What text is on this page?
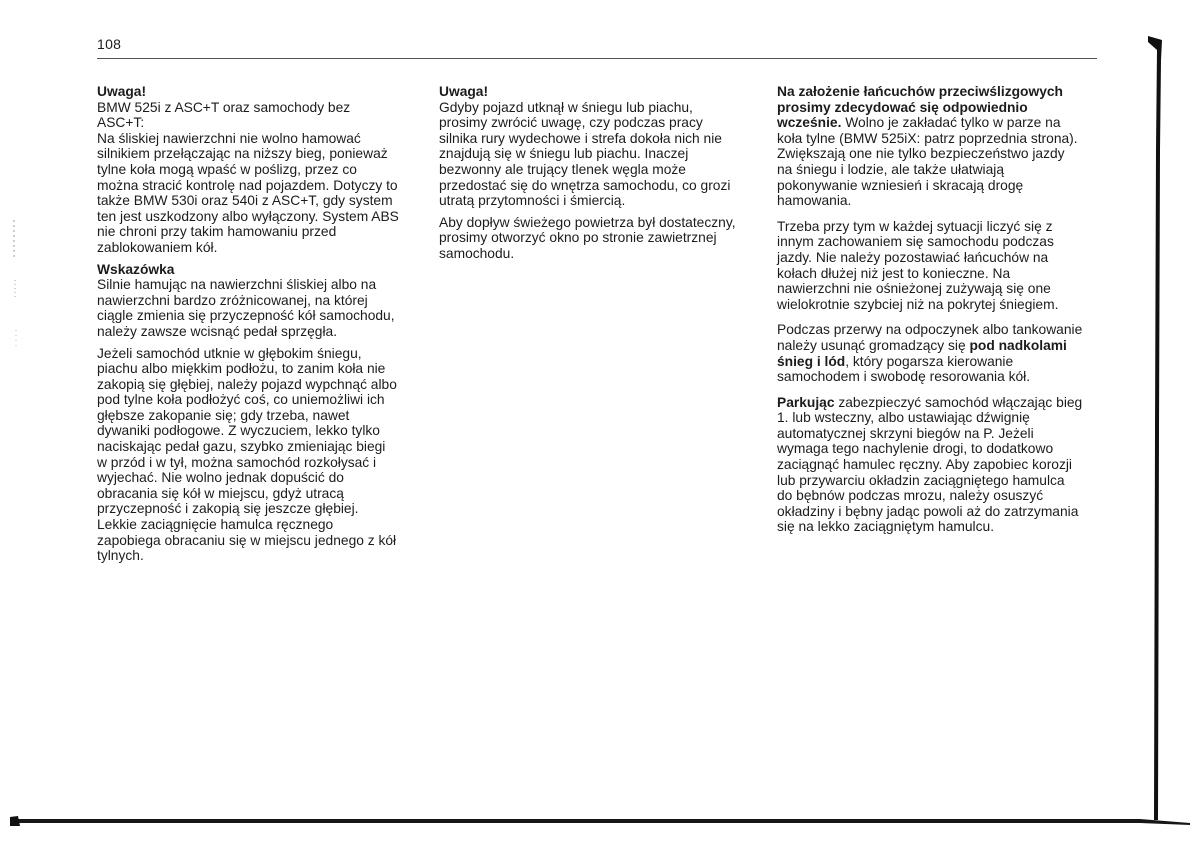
108
Uwaga!

BMW 525i z ASC+T oraz samochody bez ASC+T:

Na śliskiej nawierzchni nie wolno hamować silnikiem przełączając na niższy bieg, ponieważ tylne koła mogą wpaść w poślizg, przez co można stracić kontrolę nad pojazdem. Dotyczy to także BMW 530i oraz 540i z ASC+T, gdy system ten jest uszkodzony albo wyłączony. System ABS nie chroni przy takim hamowaniu przed zablokowaniem kół.

Wskazówka

Silnie hamując na nawierzchni śliskiej albo na nawierzchni bardzo zróżnicowanej, na której ciągle zmienia się przyczepność kół samochodu, należy zawsze wcisnąć pedał sprzęgła.

Jeżeli samochód utknie w głębokim śniegu, piachu albo miękkim podłożu, to zanim koła nie zakopią się głębiej, należy pojazd wypchnąć albo pod tylne koła podłożyć coś, co uniemożliwi ich głębsze zakopanie się; gdy trzeba, nawet dywaniki podłogowe. Z wyczuciem, lekko tylko naciskając pedał gazu, szybko zmieniając biegi w przód i w tył, można samochód rozkołysać i wyjechać. Nie wolno jednak dopuścić do obracania się kół w miejscu, gdyż utracą przyczepność i zakopią się jeszcze głębiej. Lekkie zaciągnięcie hamulca ręcznego zapobiega obracaniu się w miejscu jednego z kół tylnych.

Uwaga!

Gdyby pojazd utknął w śniegu lub piachu, prosimy zwrócić uwagę, czy podczas pracy silnika rury wydechowe i strefa dokoła nich nie znajdują się w śniegu lub piachu. Inaczej bezwonny ale trujący tlenek węgla może przedostać się do wnętrza samochodu, co grozi utratą przytomności i śmiercią.

Aby dopływ świeżego powietrza był dostateczny, prosimy otworzyć okno po stronie zawietrznej samochodu.

Na założenie łańcuchów przeciwślizgowych prosimy zdecydować się odpowiednio wcześnie. Wolno je zakładać tylko w parze na koła tylne (BMW 525iX: patrz poprzednia strona). Zwiększają one nie tylko bezpieczeństwo jazdy na śniegu i lodzie, ale także ułatwiają pokonywanie wzniesień i skracają drogę hamowania.

Trzeba przy tym w każdej sytuacji liczyć się z innym zachowaniem się samochodu podczas jazdy. Nie należy pozostawiać łańcuchów na kołach dłużej niż jest to konieczne. Na nawierzchni nie ośnieżonej zużywają się one wielokrotnie szybciej niż na pokrytej śniegiem.

Podczas przerwy na odpoczynek albo tankowanie należy usunąć gromadzący się pod nadkolami śnieg i lód, który pogarsza kierowanie samochodem i swobodę resorowania kół.

Parkując zabezpieczyć samochód włączając bieg 1. lub wsteczny, albo ustawiając dźwignię automatycznej skrzyni biegów na P. Jeżeli wymaga tego nachylenie drogi, to dodatkowo zaciągnąć hamulec ręczny. Aby zapobiec korozji lub przywarciu okładzin zaciągniętego hamulca do bębnów podczas mrozu, należy osuszyć okładziny i bębny jadąc powoli aż do zatrzymania się na lekko zaciągniętym hamulcu.
